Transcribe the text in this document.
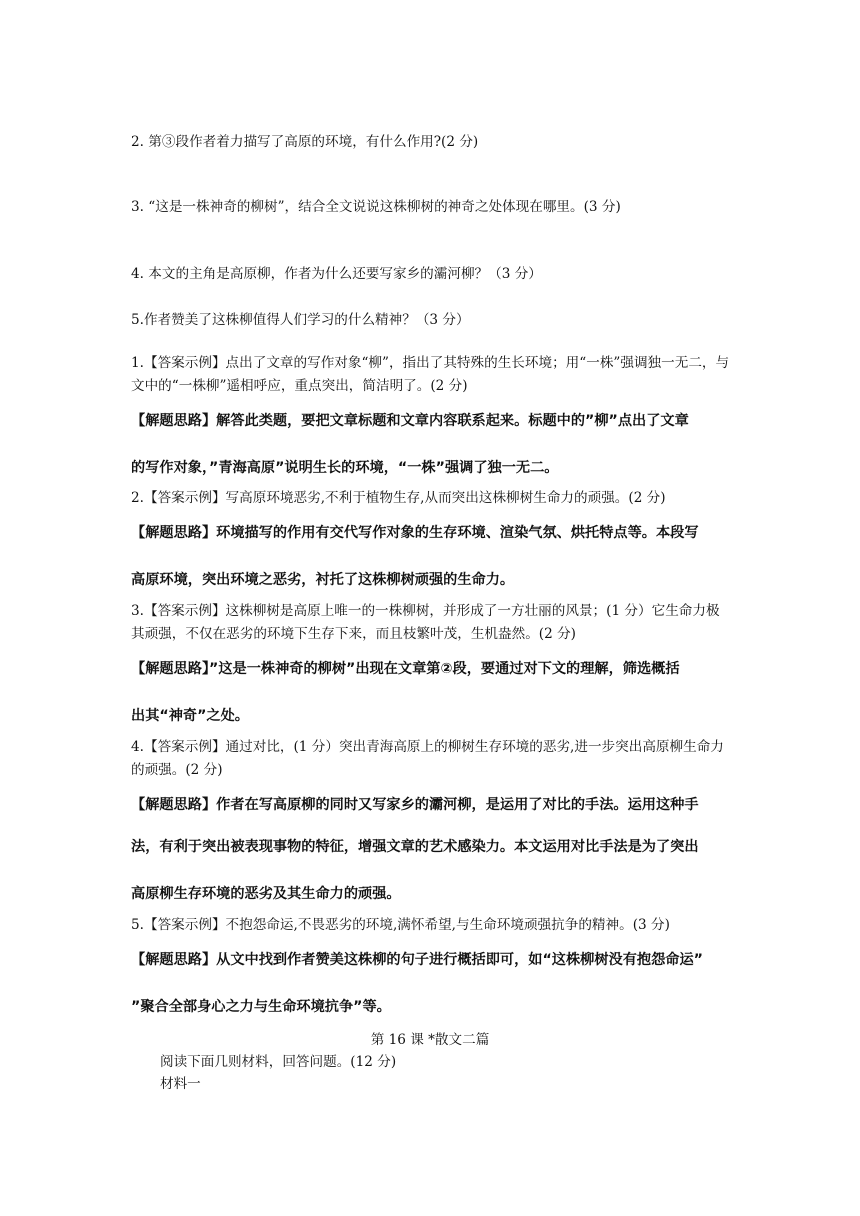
2. 第③段作者着力描写了高原的环境，有什么作用?(2 分)
3. “这是一株神奇的柳树”，结合全文说说这株柳树的神奇之处体现在哪里。(3 分)
4. 本文的主角是高原柳，作者为什么还要写家乡的灞河柳？（3 分）
5.作者赞美了这株柳值得人们学习的什么精神？（3 分）
1.【答案示例】点出了文章的写作对象“柳”，指出了其特殊的生长环境；用“一株”强调独一无二，与文中的“一株柳”遥相呼应，重点突出，简洁明了。(2 分)
【解题思路】解答此类题，要把文章标题和文章内容联系起来。标题中的”柳”点出了文章
的写作对象，”青海高原”说明生长的环境，“一株”强调了独一无二。
2.【答案示例】写高原环境恶劣,不利于植物生存,从而突出这株柳树生命力的顽强。(2 分)
【解题思路】环境描写的作用有交代写作对象的生存环境、渲染气氛、烘托特点等。本段写
高原环境，突出环境之恶劣，衬托了这株柳树顽强的生命力。
3.【答案示例】这株柳树是高原上唯一的一株柳树，并形成了一方壮丽的风景；(1 分）它生命力极其顽强，不仅在恶劣的环境下生存下来，而且枝繁叶茂，生机盎然。(2 分)
【解题思路】”这是一株神奇的柳树”出现在文章第②段，要通过对下文的理解，筛选概括
出其“神奇”之处。
4.【答案示例】通过对比，(1 分）突出青海高原上的柳树生存环境的恶劣,进一步突出高原柳生命力的顽强。(2 分)
【解题思路】作者在写高原柳的同时又写家乡的灞河柳，是运用了对比的手法。运用这种手
法，有利于突出被表现事物的特征，增强文章的艺术感染力。本文运用对比手法是为了突出
高原柳生存环境的恶劣及其生命力的顽强。
5.【答案示例】不抱怨命运,不畏恶劣的环境,满怀希望,与生命环境顽强抗争的精神。(3 分)
【解题思路】从文中找到作者赞美这株柳的句子进行概括即可，如“这株柳树没有抱怨命运”
”聚合全部身心之力与生命环境抗争”等。
第 16 课 *散文二篇
阅读下面几则材料，回答问题。(12 分)
材料一
